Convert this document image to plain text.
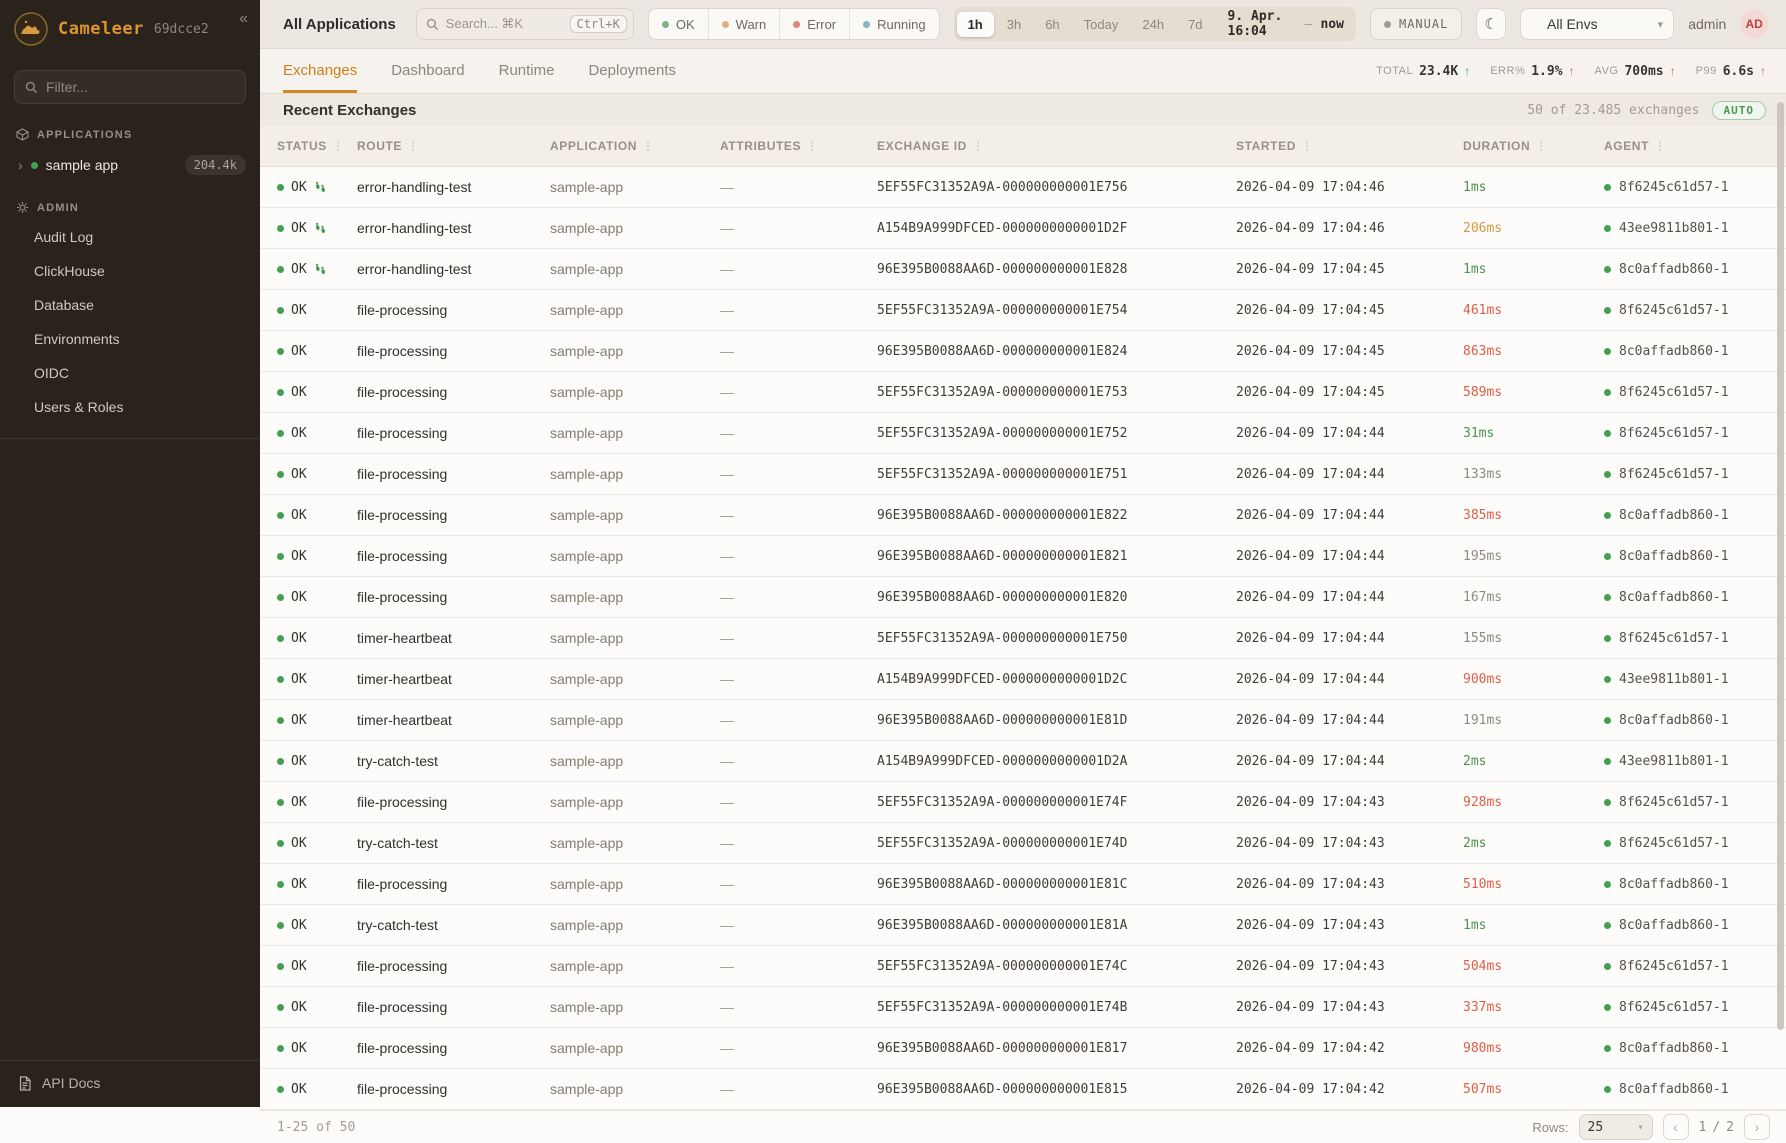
Cameleer 69dcce2
«
Filter...
APPLICATIONS
› sample app	204.4k
ADMIN
Audit Log
ClickHouse
Database
Environments
OIDC
Users & Roles
API Docs
All Applications	Search... ⌘K	Ctrl+K	OK	Warn	Error	Running	1h	3h	6h	Today	24h	7d	9. Apr. 16:04	— now	MANUAL ☾	All Envs	▾ admin	AD
Exchanges Dashboard Runtime Deployments	TOTAL 23.4K ↑ ERR% 1.9% ↑ AVG 700ms ↑ P99 6.6s ↑
Recent Exchanges	50 of 23.485 exchanges	AUTO
STATUS ⋮ ROUTE ⋮	APPLICATION ⋮	ATTRIBUTES ⋮	EXCHANGE ID ⋮	STARTED ⋮	DURATION ⋮	AGENT ⋮
OK	error-handling-test	sample-app	—	5EF55FC31352A9A-000000000001E756	2026-04-09 17:04:46	1ms	8f6245c61d57-1
OK	error-handling-test	sample-app	—	A154B9A999DFCED-0000000000001D2F	2026-04-09 17:04:46	206ms	43ee9811b801-1
OK	error-handling-test	sample-app	—	96E395B0088AA6D-000000000001E828	2026-04-09 17:04:45	1ms	8c0affadb860-1
OK	file-processing	sample-app	—	5EF55FC31352A9A-000000000001E754	2026-04-09 17:04:45	461ms	8f6245c61d57-1
OK	file-processing	sample-app	—	96E395B0088AA6D-000000000001E824	2026-04-09 17:04:45	863ms	8c0affadb860-1
OK	file-processing	sample-app	—	5EF55FC31352A9A-000000000001E753	2026-04-09 17:04:45	589ms	8f6245c61d57-1
OK	file-processing	sample-app	—	5EF55FC31352A9A-000000000001E752	2026-04-09 17:04:44	31ms	8f6245c61d57-1
OK	file-processing	sample-app	—	5EF55FC31352A9A-000000000001E751	2026-04-09 17:04:44	133ms	8f6245c61d57-1
OK	file-processing	sample-app	—	96E395B0088AA6D-000000000001E822	2026-04-09 17:04:44	385ms	8c0affadb860-1
OK	file-processing	sample-app	—	96E395B0088AA6D-000000000001E821	2026-04-09 17:04:44	195ms	8c0affadb860-1
OK	file-processing	sample-app	—	96E395B0088AA6D-000000000001E820	2026-04-09 17:04:44	167ms	8c0affadb860-1
OK	timer-heartbeat	sample-app	—	5EF55FC31352A9A-000000000001E750	2026-04-09 17:04:44	155ms	8f6245c61d57-1
OK	timer-heartbeat	sample-app	—	A154B9A999DFCED-0000000000001D2C	2026-04-09 17:04:44	900ms	43ee9811b801-1
OK	timer-heartbeat	sample-app	—	96E395B0088AA6D-000000000001E81D	2026-04-09 17:04:44	191ms	8c0affadb860-1
OK	try-catch-test	sample-app	—	A154B9A999DFCED-0000000000001D2A	2026-04-09 17:04:44	2ms	43ee9811b801-1
OK	file-processing	sample-app	—	5EF55FC31352A9A-000000000001E74F	2026-04-09 17:04:43	928ms	8f6245c61d57-1
OK	try-catch-test	sample-app	—	5EF55FC31352A9A-000000000001E74D	2026-04-09 17:04:43	2ms	8f6245c61d57-1
OK	file-processing	sample-app	—	96E395B0088AA6D-000000000001E81C	2026-04-09 17:04:43	510ms	8c0affadb860-1
OK	try-catch-test	sample-app	—	96E395B0088AA6D-000000000001E81A	2026-04-09 17:04:43	1ms	8c0affadb860-1
OK	file-processing	sample-app	—	5EF55FC31352A9A-000000000001E74C	2026-04-09 17:04:43	504ms	8f6245c61d57-1
OK	file-processing	sample-app	—	5EF55FC31352A9A-000000000001E74B	2026-04-09 17:04:43	337ms	8f6245c61d57-1
OK	file-processing	sample-app	—	96E395B0088AA6D-000000000001E817	2026-04-09 17:04:42	980ms	8c0affadb860-1
OK	file-processing	sample-app	—	96E395B0088AA6D-000000000001E815	2026-04-09 17:04:42	507ms	8c0affadb860-1
1-25 of 50	Rows: 25	▾ ‹ 1 / 2 ›
